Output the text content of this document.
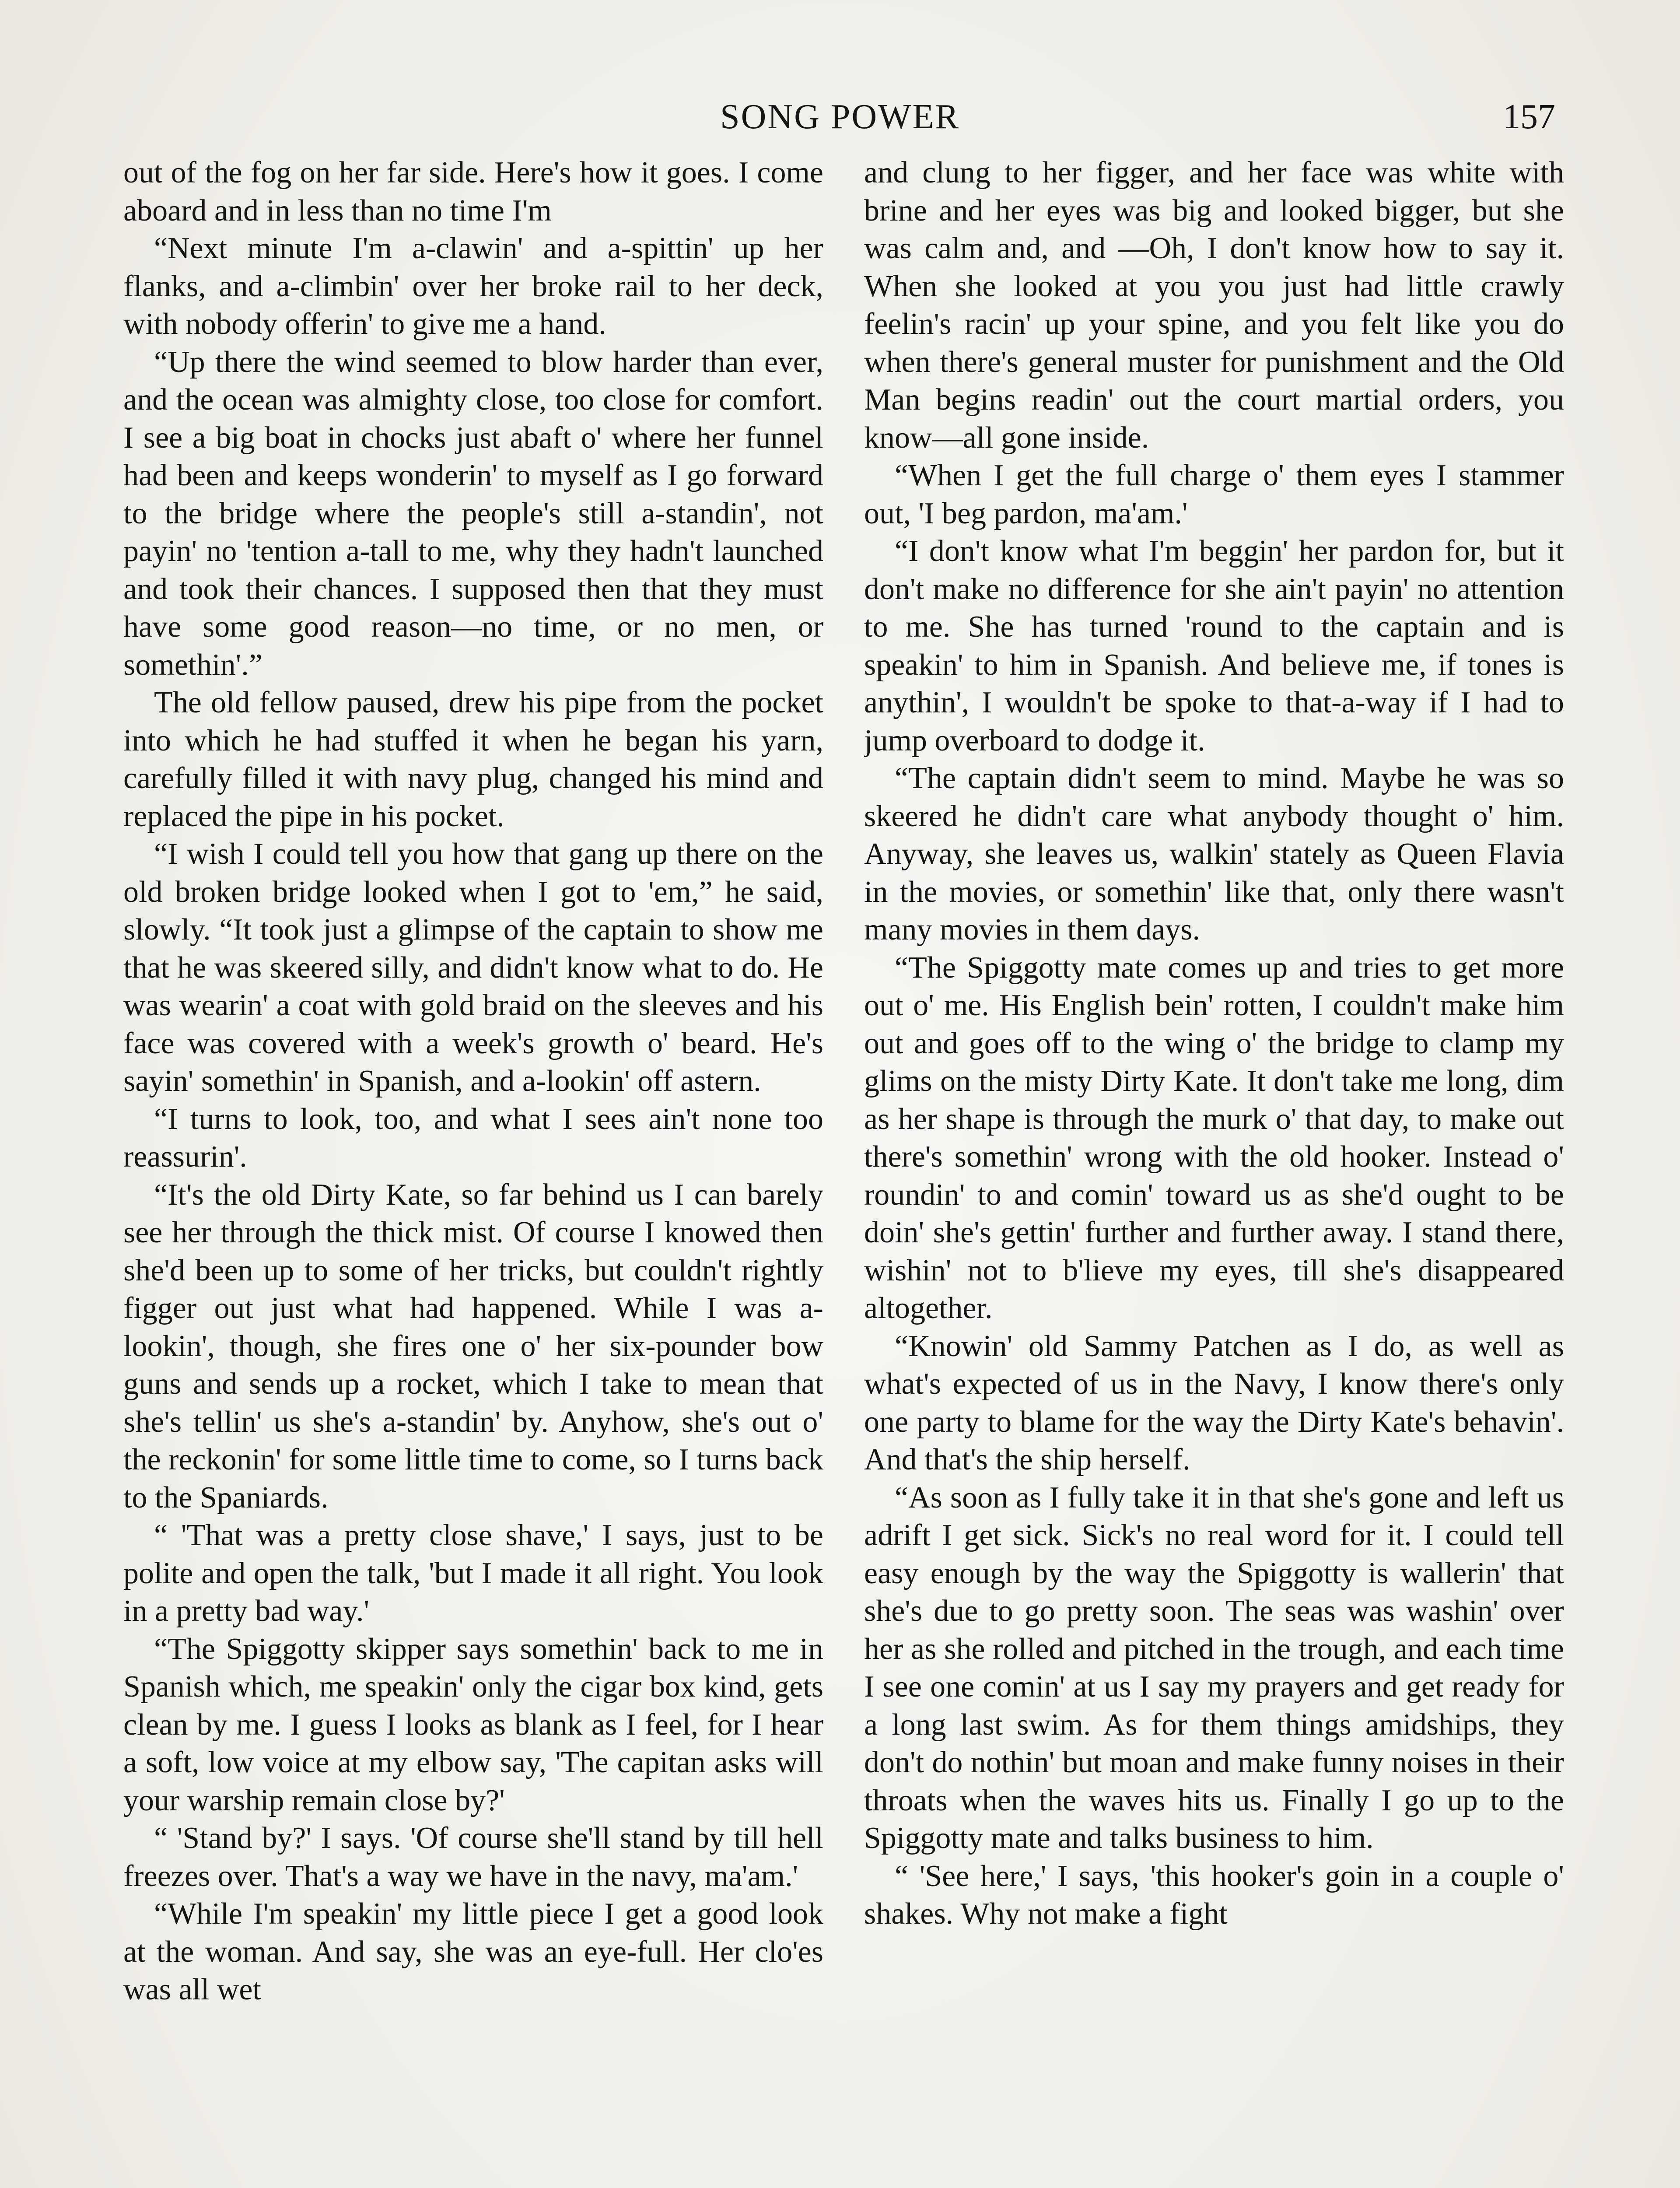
SONG POWER	157

out of the fog on her far side. Here's how it goes. I come aboard and in less than no time I'm

“Next minute I'm a-clawin' and a-spittin' up her flanks, and a-climbin' over her broke rail to her deck, with nobody offerin' to give me a hand.

“Up there the wind seemed to blow harder than ever, and the ocean was almighty close, too close for comfort. I see a big boat in chocks just abaft o' where her funnel had been and keeps wonderin' to myself as I go forward to the bridge where the people's still a-standin', not payin' no 'tention a-tall to me, why they hadn't launched and took their chances. I supposed then that they must have some good reason—no time, or no men, or somethin'.”

The old fellow paused, drew his pipe from the pocket into which he had stuffed it when he began his yarn, carefully filled it with navy plug, changed his mind and replaced the pipe in his pocket.

“I wish I could tell you how that gang up there on the old broken bridge looked when I got to 'em,” he said, slowly. “It took just a glimpse of the captain to show me that he was skeered silly, and didn't know what to do. He was wearin' a coat with gold braid on the sleeves and his face was covered with a week's growth o' beard. He's sayin' somethin' in Spanish, and a-lookin' off astern.

“I turns to look, too, and what I sees ain't none too reassurin'.

“It's the old Dirty Kate, so far behind us I can barely see her through the thick mist. Of course I knowed then she'd been up to some of her tricks, but couldn't rightly figger out just what had happened. While I was a-lookin', though, she fires one o' her six-pounder bow guns and sends up a rocket, which I take to mean that she's tellin' us she's a-standin' by. Anyhow, she's out o' the reckonin' for some little time to come, so I turns back to the Spaniards.

“ 'That was a pretty close shave,' I says, just to be polite and open the talk, 'but I made it all right. You look in a pretty bad way.'

“The Spiggotty skipper says somethin' back to me in Spanish which, me speakin' only the cigar box kind, gets clean by me. I guess I looks as blank as I feel, for I hear a soft, low voice at my elbow say, 'The capitan asks will your warship remain close by?'

“ 'Stand by?' I says. 'Of course she'll stand by till hell freezes over. That's a way we have in the navy, ma'am.'

“While I'm speakin' my little piece I get a good look at the woman. And say, she was an eye-full. Her clo'es was all wet

and clung to her figger, and her face was white with brine and her eyes was big and looked bigger, but she was calm and, and —Oh, I don't know how to say it. When she looked at you you just had little crawly feelin's racin' up your spine, and you felt like you do when there's general muster for punishment and the Old Man begins readin' out the court martial orders, you know—all gone inside.

“When I get the full charge o' them eyes I stammer out, 'I beg pardon, ma'am.'

“I don't know what I'm beggin' her pardon for, but it don't make no difference for she ain't payin' no attention to me. She has turned 'round to the captain and is speakin' to him in Spanish. And believe me, if tones is anythin', I wouldn't be spoke to that-a-way if I had to jump overboard to dodge it.

“The captain didn't seem to mind. Maybe he was so skeered he didn't care what anybody thought o' him. Anyway, she leaves us, walkin' stately as Queen Flavia in the movies, or somethin' like that, only there wasn't many movies in them days.

“The Spiggotty mate comes up and tries to get more out o' me. His English bein' rotten, I couldn't make him out and goes off to the wing o' the bridge to clamp my glims on the misty Dirty Kate. It don't take me long, dim as her shape is through the murk o' that day, to make out there's somethin' wrong with the old hooker. Instead o' roundin' to and comin' toward us as she'd ought to be doin' she's gettin' further and further away. I stand there, wishin' not to b'lieve my eyes, till she's disappeared altogether.

“Knowin' old Sammy Patchen as I do, as well as what's expected of us in the Navy, I know there's only one party to blame for the way the Dirty Kate's behavin'. And that's the ship herself.

“As soon as I fully take it in that she's gone and left us adrift I get sick. Sick's no real word for it. I could tell easy enough by the way the Spiggotty is wallerin' that she's due to go pretty soon. The seas was washin' over her as she rolled and pitched in the trough, and each time I see one comin' at us I say my prayers and get ready for a long last swim. As for them things amidships, they don't do nothin' but moan and make funny noises in their throats when the waves hits us. Finally I go up to the Spiggotty mate and talks business to him.

“ 'See here,' I says, 'this hooker's goin in a couple o' shakes. Why not make a fight
